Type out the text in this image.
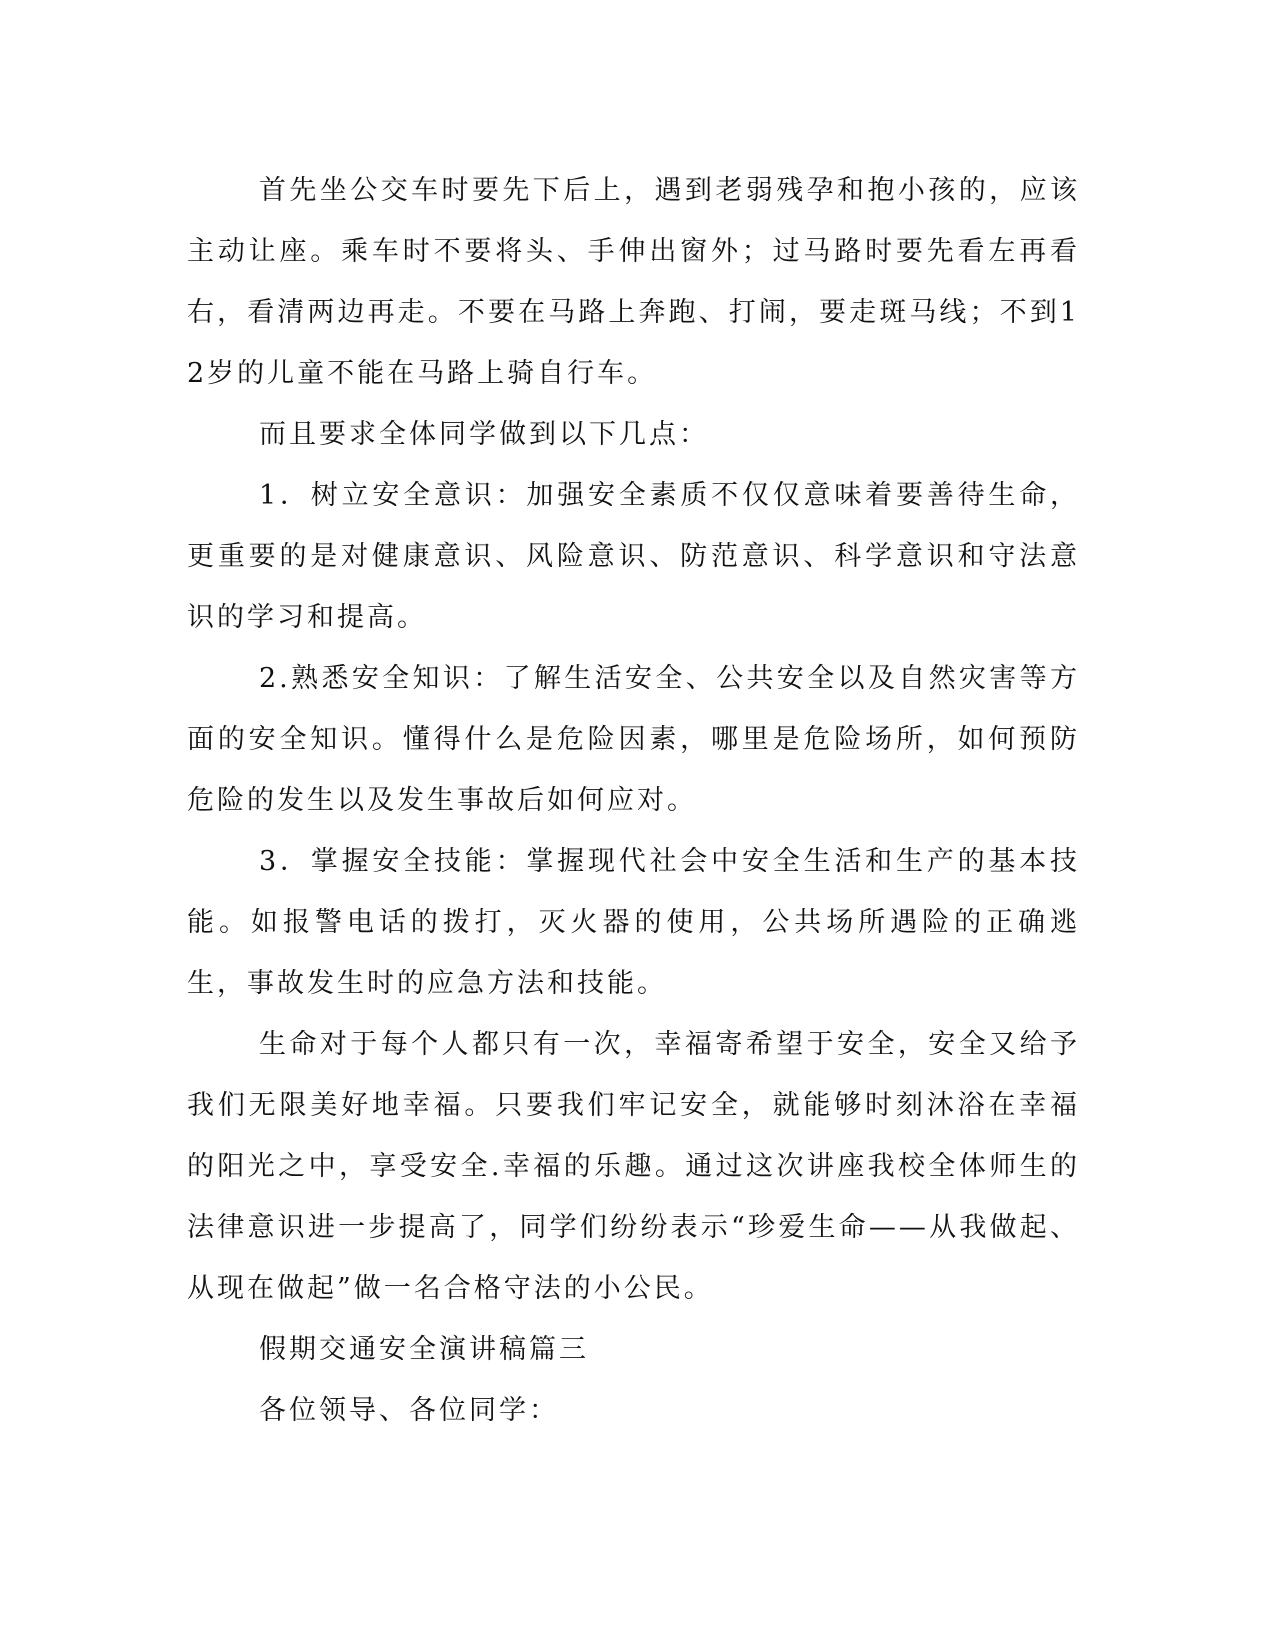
首先坐公交车时要先下后上，遇到老弱残孕和抱小孩的，应该主动让座。乘车时不要将头、手伸出窗外；过马路时要先看左再看右，看清两边再走。不要在马路上奔跑、打闹，要走斑马线；不到12岁的儿童不能在马路上骑自行车。

而且要求全体同学做到以下几点：

1．树立安全意识：加强安全素质不仅仅意味着要善待生命，更重要的是对健康意识、风险意识、防范意识、科学意识和守法意识的学习和提高。

2.熟悉安全知识：了解生活安全、公共安全以及自然灾害等方面的安全知识。懂得什么是危险因素，哪里是危险场所，如何预防危险的发生以及发生事故后如何应对。

3．掌握安全技能：掌握现代社会中安全生活和生产的基本技能。如报警电话的拨打，灭火器的使用，公共场所遇险的正确逃生，事故发生时的应急方法和技能。

生命对于每个人都只有一次，幸福寄希望于安全，安全又给予我们无限美好地幸福。只要我们牢记安全，就能够时刻沐浴在幸福的阳光之中，享受安全.幸福的乐趣。通过这次讲座我校全体师生的法律意识进一步提高了，同学们纷纷表示“珍爱生命——从我做起、从现在做起”做一名合格守法的小公民。

假期交通安全演讲稿篇三

各位领导、各位同学：
